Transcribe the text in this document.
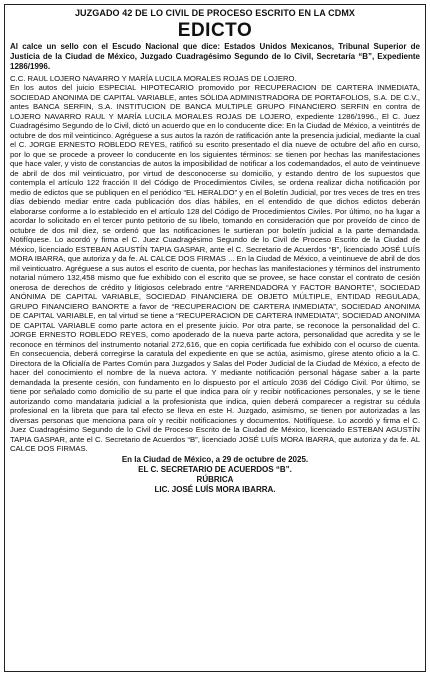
JUZGADO 42 DE LO CIVIL DE PROCESO ESCRITO EN LA CDMX
EDICTO
Al calce un sello con el Escudo Nacional que dice: Estados Unidos Mexicanos, Tribunal Superior de Justicia de la Ciudad de México, Juzgado Cuadragésimo Segundo de lo Civil, Secretaría “B”, Expediente 1286/1996.

C.C. RAUL LOJERO NAVARRO Y MARÍA LUCILA MORALES ROJAS DE LOJERO.

En los autos del juicio ESPECIAL HIPOTECARIO promovido por RECUPERACION DE CARTERA INMEDIATA, SOCIEDAD ANONIMA DE CAPITAL VARIABLE, antes SÓLIDA ADMINISTRADORA DE PORTAFOLIOS, S.A. DE C.V., antes BANCA SERFIN, S.A. INSTITUCION DE BANCA MULTIPLE GRUPO FINANCIERO SERFIN en contra de LOJERO NAVARRO RAUL Y MARÍA LUCILA MORALES ROJAS DE LOJERO, expediente 1286/1996., El C. Juez Cuadragésimo Segundo de lo Civil, dictó un acuerdo que en lo conducente dice: En la Ciudad de México, a veintitrés de octubre de dos mil veinticinco. Agréguese a sus autos la razón de ratificación ante la presencia judicial, mediante la cual el C. JORGE ERNESTO ROBLEDO REYES, ratificó su escrito presentado el día nueve de octubre del año en curso, por lo que se procede a proveer lo conducente en los siguientes términos: se tienen por hechas las manifestaciones que hace valer, y visto de constancias de autos la imposibilidad de notificar a los codemandados, el auto de veintinueve de abril de dos mil veinticuatro, por virtud de desconocerse su domicilio, y estando dentro de los supuestos que contempla el artículo 122 fracción II del Código de Procedimientos Civiles, se ordena realizar dicha notificación por medio de edictos que se publiquen en el periódico “EL HERALDO” y en el Boletín Judicial, por tres veces de tres en tres días debiendo mediar entre cada publicación dos días hábiles, en el entendido de que dichos edictos deberán elaborarse conforme a lo establecido en el artículo 128 del Código de Procedimientos Civiles. Por último, no ha lugar a acordar lo solicitado en el tercer punto petitorio de su libelo, tomando en consideración que por proveído de cinco de octubre de dos mil diez, se ordenó que las notificaciones le surtieran por boletín judicial a la parte demandada. Notifíquese. Lo acordó y firma el C. Juez Cuadragésimo Segundo de lo Civil de Proceso Escrito de la Ciudad de México, licenciado ESTEBAN AGUSTÍN TAPIA GASPAR, ante el C. Secretario de Acuerdos “B”, licenciado JOSÉ LUÍS MORA IBARRA, que autoriza y da fe. AL CALCE DOS FIRMAS ... En la Ciudad de México, a veintinueve de abril de dos mil veinticuatro. Agréguese a sus autos el escrito de cuenta, por hechas las manifestaciones y términos del instrumento notarial número 132,458 mismo que fue exhibido con el escrito que se provee, se hace constar el contrato de cesión onerosa de derechos de crédito y litigiosos celebrado entre “ARRENDADORA Y FACTOR BANORTE”, SOCIEDAD ANÓNIMA DE CAPITAL VARIABLE, SOCIEDAD FINANCIERA DE OBJETO MÚLTIPLE, ENTIDAD REGULADA, GRUPO FINANCIERO BANORTE a favor de “RECUPERACION DE CARTERA INMEDIATA”, SOCIEDAD ANONIMA DE CAPITAL VARIABLE, en tal virtud se tiene a “RECUPERACION DE CARTERA INMEDIATA”, SOCIEDAD ANONIMA DE CAPITAL VARIABLE como parte actora en el presente juicio. Por otra parte, se reconoce la personalidad del C. JORGE ERNESTO ROBLEDO REYES, como apoderado de la nueva parte actora, personalidad que acredita y se le reconoce en términos del instrumento notarial 272,616, que en copia certificada fue exhibido con el ocurso de cuenta. En consecuencia, deberá corregirse la caratula del expediente en que se actúa, asimismo, gírese atento oficio a la C. Directora de la Oficialía de Partes Común para Juzgados y Salas del Poder Judicial de la Ciudad de México, a efecto de hacer del conocimiento el nombre de la nueva actora. Y mediante notificación personal hágase saber a la parte demandada la presente cesión, con fundamento en lo dispuesto por el artículo 2036 del Código Civil. Por último, se tiene por señalado como domicilio de su parte el que indica para oír y recibir notificaciones personales, y se le tiene autorizando como mandataria judicial a la profesionista que indica, quien deberá comparecer a registrar su cédula profesional en la libreta que para tal efecto se lleva en este H. Juzgado, asimismo, se tienen por autorizadas a las diversas personas que menciona para oír y recibir notificaciones y documentos. Notifíquese. Lo acordó y firma el C. Juez Cuadragésimo Segundo de lo Civil de Proceso Escrito de la Ciudad de México, licenciado ESTEBAN AGUSTÍN TAPIA GASPAR, ante el C. Secretario de Acuerdos “B”, licenciado JOSÉ LUÍS MORA IBARRA, que autoriza y da fe. AL CALCE DOS FIRMAS.

En la Ciudad de México, a 29 de octubre de 2025.
EL C. SECRETARIO DE ACUERDOS “B”.
RÚBRICA
LIC. JOSÉ LUÍS MORA IBARRA.
